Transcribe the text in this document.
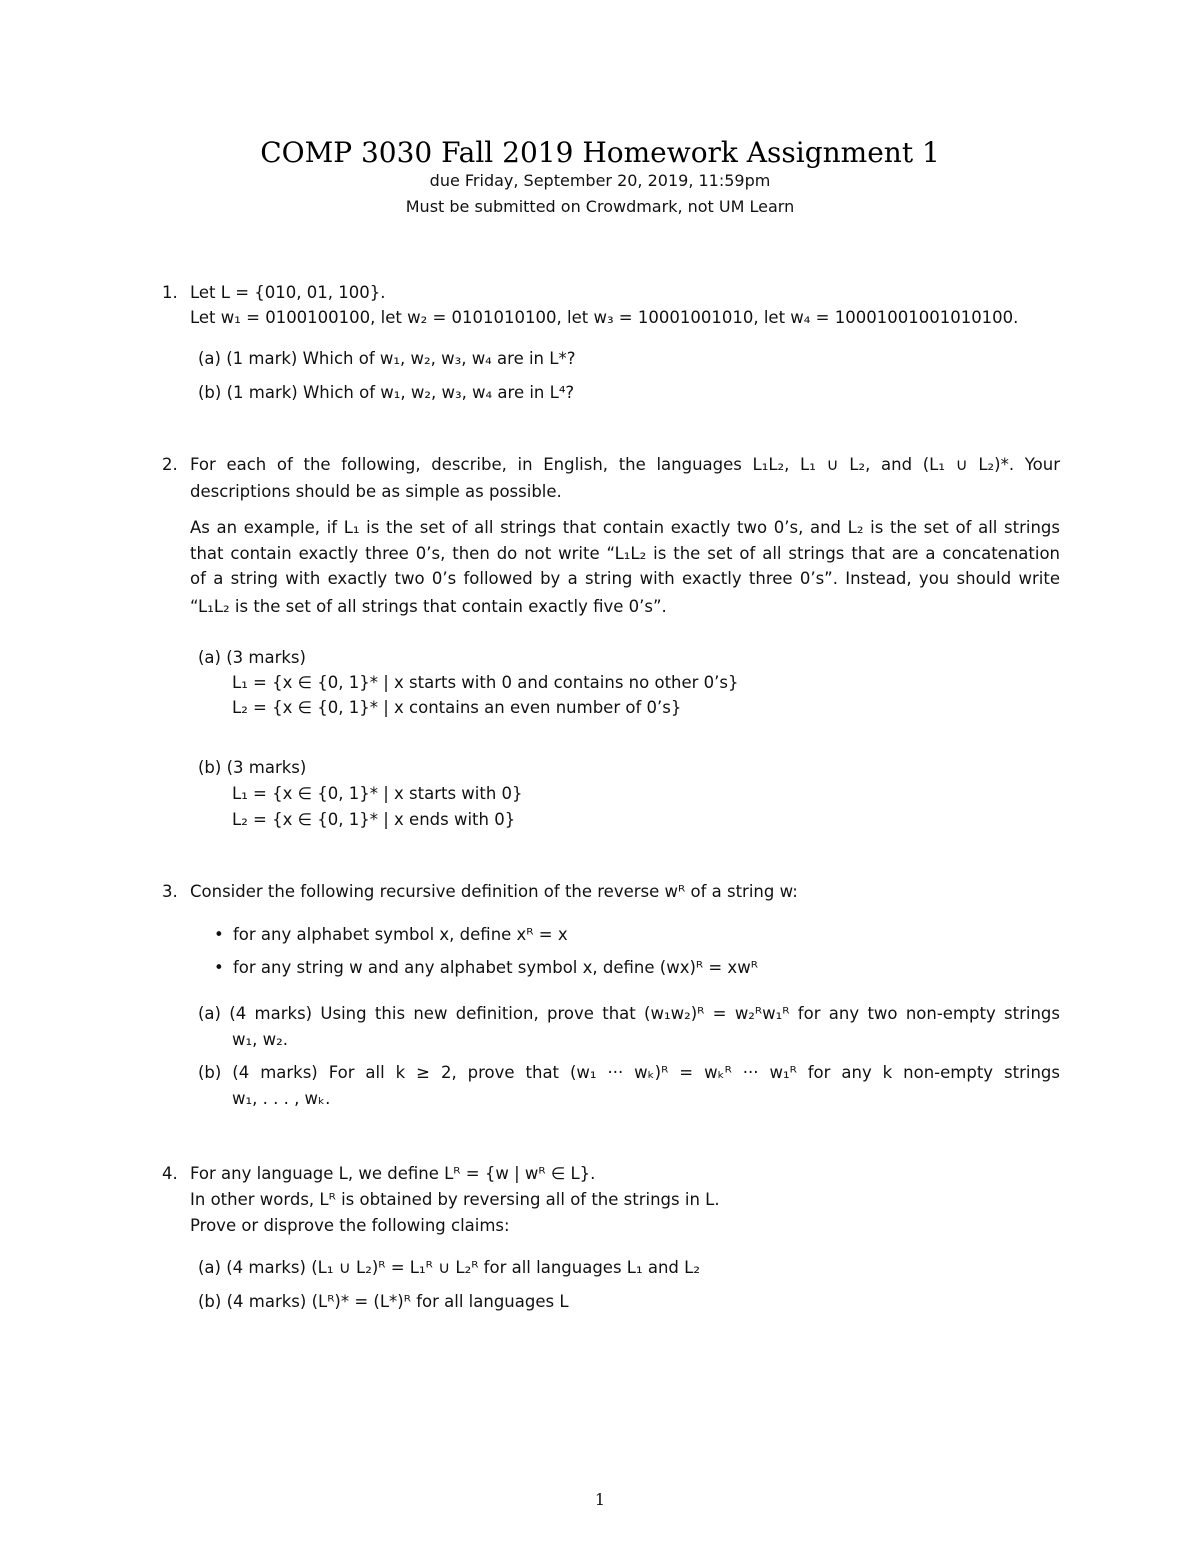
COMP 3030 Fall 2019 Homework Assignment 1
due Friday, September 20, 2019, 11:59pm
Must be submitted on Crowdmark, not UM Learn
1. Let L = {010, 01, 100}.
Let w₁ = 0100100100, let w₂ = 0101010100, let w₃ = 10001001010, let w₄ = 10001001001010100.
(a) (1 mark) Which of w₁, w₂, w₃, w₄ are in L*?
(b) (1 mark) Which of w₁, w₂, w₃, w₄ are in L⁴?
2. For each of the following, describe, in English, the languages L₁L₂, L₁ ∪ L₂, and (L₁ ∪ L₂)*. Your
descriptions should be as simple as possible.
As an example, if L₁ is the set of all strings that contain exactly two 0’s, and L₂ is the set of all strings
that contain exactly three 0’s, then do not write “L₁L₂ is the set of all strings that are a concatenation
of a string with exactly two 0’s followed by a string with exactly three 0’s”. Instead, you should write
“L₁L₂ is the set of all strings that contain exactly five 0’s”.
(a) (3 marks)
L₁ = {x ∈ {0, 1}* | x starts with 0 and contains no other 0’s}
L₂ = {x ∈ {0, 1}* | x contains an even number of 0’s}
(b) (3 marks)
L₁ = {x ∈ {0, 1}* | x starts with 0}
L₂ = {x ∈ {0, 1}* | x ends with 0}
3. Consider the following recursive definition of the reverse wᴿ of a string w:
• for any alphabet symbol x, define xᴿ = x
• for any string w and any alphabet symbol x, define (wx)ᴿ = xwᴿ
(a) (4 marks) Using this new definition, prove that (w₁w₂)ᴿ = w₂ᴿw₁ᴿ for any two non-empty strings
w₁, w₂.
(b) (4 marks) For all k ≥ 2, prove that (w₁ ··· wₖ)ᴿ = wₖᴿ ··· w₁ᴿ for any k non-empty strings
w₁, . . . , wₖ.
4. For any language L, we define Lᴿ = {w | wᴿ ∈ L}.
In other words, Lᴿ is obtained by reversing all of the strings in L.
Prove or disprove the following claims:
(a) (4 marks) (L₁ ∪ L₂)ᴿ = L₁ᴿ ∪ L₂ᴿ for all languages L₁ and L₂
(b) (4 marks) (Lᴿ)* = (L*)ᴿ for all languages L
1
